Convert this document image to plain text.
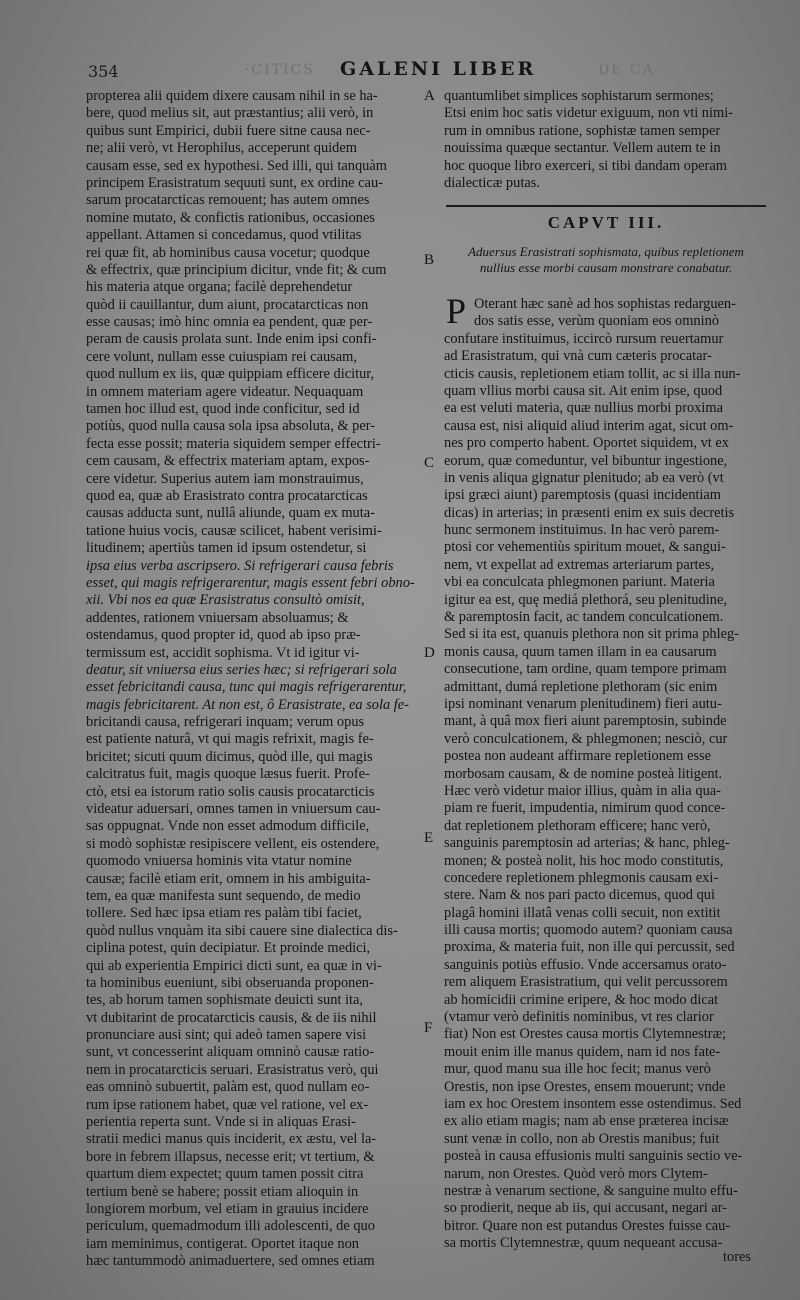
354	·CITICS GALENI LIBER	DE CA
propterea alii quidem dixere causam nihil in se ha-
bere, quod melius sit, aut præstantius; alii verò, in
quibus sunt Empirici, dubii fuere sitne causa nec-
ne; alii verò, vt Herophilus, acceperunt quidem
causam esse, sed ex hypothesi. Sed illi, qui tanquàm
principem Erasistratum sequuti sunt, ex ordine cau-
sarum procatarcticas remouent; has autem omnes
nomine mutato, & confictis rationibus, occasiones
appellant. Attamen si concedamus, quod vtilitas
rei quæ fit, ab hominibus causa vocetur; quodque
& effectrix, quæ principium dicitur, vnde fit; & cum
his materia atque organa; facilè deprehendetur
quòd ii cauillantur, dum aiunt, procatarcticas non
esse causas; imò hinc omnia ea pendent, quæ per-
peram de causis prolata sunt. Inde enim ipsi confi-
cere volunt, nullam esse cuiuspiam rei causam,
quod nullum ex iis, quæ quippiam efficere dicitur,
in omnem materiam agere videatur. Nequaquam
tamen hoc illud est, quod inde conficitur, sed id
potiùs, quod nulla causa sola ipsa absoluta, & per-
fecta esse possit; materia siquidem semper effectri-
cem causam, & effectrix materiam aptam, expos-
cere videtur. Superius autem iam monstrauimus,
quod ea, quæ ab Erasistrato contra procatarcticas
causas adducta sunt, nullâ aliunde, quam ex muta-
tatione huius vocis, causæ scilicet, habent verisimi-
litudinem; apertiùs tamen id ipsum ostendetur, si
ipsa eius verba ascripsero. Si refrigerari causa febris
esset, qui magis refrigerarentur, magis essent febri obno-
xii. Vbi nos ea quæ Erasistratus consultò omisit,
addentes, rationem vniuersam absoluamus; &
ostendamus, quod propter id, quod ab ipso præ-
termissum est, accidit sophisma. Vt id igitur vi-
deatur, sit vniuersa eius series hæc; si refrigerari sola
esset febricitandi causa, tunc qui magis refrigerarentur,
magis febricitarent. At non est, ô Erasistrate, ea sola fe-
bricitandi causa, refrigerari inquam; verum opus
est patiente naturâ, vt qui magis refrixit, magis fe-
bricitet; sicuti quum dicimus, quòd ille, qui magis
calcitratus fuit, magis quoque læsus fuerit. Profe-
ctò, etsi ea istorum ratio solis causis procatarcticis
videatur aduersari, omnes tamen in vniuersum cau-
sas oppugnat. Vnde non esset admodum difficile,
si modò sophistæ resipiscere vellent, eis ostendere,
quomodo vniuersa hominis vita vtatur nomine
causæ; facilè etiam erit, omnem in his ambiguita-
tem, ea quæ manifesta sunt sequendo, de medio
tollere. Sed hæc ipsa etiam res palàm tibi faciet,
quòd nullus vnquàm ita sibi cauere sine dialectica dis-
ciplina potest, quin decipiatur. Et proinde medici,
qui ab experientia Empirici dicti sunt, ea quæ in vi-
ta hominibus eueniunt, sibi obseruanda proponen-
tes, ab horum tamen sophismate deuicti sunt ita,
vt dubitarint de procatarcticis causis, & de iis nihil
pronunciare ausi sint; qui adeò tamen sapere visi
sunt, vt concesserint aliquam omninò causæ ratio-
nem in procatarcticis seruari. Erasistratus verò, qui
eas omninò subuertit, palàm est, quod nullam eo-
rum ipse rationem habet, quæ vel ratione, vel ex-
perientia reperta sunt. Vnde si in aliquas Erasi-
stratii medici manus quis inciderit, ex æstu, vel la-
bore in febrem illapsus, necesse erit; vt tertium, &
quartum diem expectet; quum tamen possit citra
tertium benè se habere; possit etiam alioquin in
longiorem morbum, vel etiam in grauius incidere
periculum, quemadmodum illi adolescenti, de quo
iam meminimus, contigerat. Oportet itaque non
hæc tantummodò animaduertere, sed omnes etiam
A
B
C
D
E
F
quantumlibet simplices sophistarum sermones;
Etsi enim hoc satis videtur exiguum, non vti nimi-
rum in omnibus ratione, sophistæ tamen semper
nouissima quæque sectantur. Vellem autem te in
hoc quoque libro exerceri, si tibi dandam operam
dialecticæ putas.
CAPVT III.
Aduersus Erasistrati sophismata, quibus repletionem
nullius esse morbi causam monstrare conabatur.
P Oterant hæc sanè ad hos sophistas redarguen-
dos satis esse, verùm quoniam eos omninò
confutare instituimus, iccircò rursum reuertamur
ad Erasistratum, qui vnà cum cæteris procatar-
cticis causis, repletionem etiam tollit, ac si illa nun-
quam vllius morbi causa sit. Ait enim ipse, quod
ea est veluti materia, quæ nullius morbi proxima
causa est, nisi aliquid aliud interim agat, sicut om-
nes pro comperto habent. Oportet siquidem, vt ex
eorum, quæ comeduntur, vel bibuntur ingestione,
in venis aliqua gignatur plenitudo; ab ea verò (vt
ipsi græci aiunt) paremptosis (quasi incidentiam
dicas) in arterias; in præsenti enim ex suis decretis
hunc sermonem instituimus. In hac verò parem-
ptosi cor vehementiùs spiritum mouet, & sangui-
nem, vt expellat ad extremas arteriarum partes,
vbi ea conculcata phlegmonen pariunt. Materia
igitur ea est, quę mediá plethorá, seu plenitudine,
& paremptosin facit, ac tandem conculcationem.
Sed si ita est, quanuis plethora non sit prima phleg-
monis causa, quum tamen illam in ea causarum
consecutione, tam ordine, quam tempore primam
admittant, dumá repletione plethoram (sic enim
ipsi nominant venarum plenitudinem) fieri autu-
mant, à quâ mox fieri aiunt paremptosin, subinde
verò conculcationem, & phlegmonen; nesciò, cur
postea non audeant affirmare repletionem esse
morbosam causam, & de nomine posteà litigent.
Hæc verò videtur maior illius, quàm in alia qua-
piam re fuerit, impudentia, nimirum quod conce-
dat repletionem plethoram efficere; hanc verò,
sanguinis paremptosin ad arterias; & hanc, phleg-
monen; & posteà nolit, his hoc modo constitutis,
concedere repletionem phlegmonis causam exi-
stere. Nam & nos pari pacto dicemus, quod qui
plagâ homini illatâ venas colli secuit, non extitit
illi causa mortis; quomodo autem? quoniam causa
proxima, & materia fuit, non ille qui percussit, sed
sanguinis potiùs effusio. Vnde accersamus orato-
rem aliquem Erasistratium, qui velit percussorem
ab homicidii crimine eripere, & hoc modo dicat
(vtamur verò definitis nominibus, vt res clarior
fiat) Non est Orestes causa mortis Clytemnestræ;
mouit enim ille manus quidem, nam id nos fate-
mur, quod manu sua ille hoc fecit; manus verò
Orestis, non ipse Orestes, ensem mouerunt; vnde
iam ex hoc Orestem insontem esse ostendimus. Sed
ex alio etiam magis; nam ab ense præterea incisæ
sunt venæ in collo, non ab Orestis manibus; fuit
posteà in causa effusionis multi sanguinis sectio ve-
narum, non Orestes. Quòd verò mors Clytem-
nestræ à venarum sectione, & sanguine multo effu-
so prodierit, neque ab iis, qui accusant, negari ar-
bitror. Quare non est putandus Orestes fuisse cau-
sa mortis Clytemnestræ, quum nequeant accusa-
tores
